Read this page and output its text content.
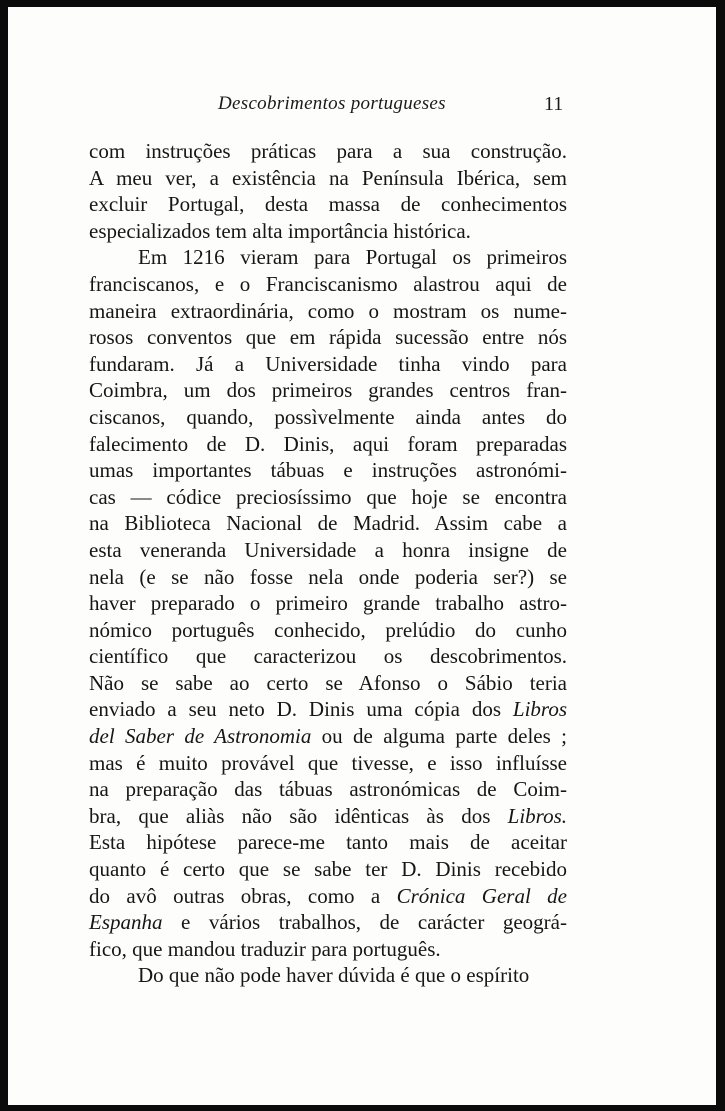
Descobrimentos portugueses	11
com instruções práticas para a sua construção.
A meu ver, a existência na Península Ibérica, sem
excluir Portugal, desta massa de conhecimentos
especializados tem alta importância histórica.
Em 1216 vieram para Portugal os primeiros
franciscanos, e o Franciscanismo alastrou aqui de
maneira extraordinária, como o mostram os nume-
rosos conventos que em rápida sucessão entre nós
fundaram. Já a Universidade tinha vindo para
Coimbra, um dos primeiros grandes centros fran-
ciscanos, quando, possìvelmente ainda antes do
falecimento de D. Dinis, aqui foram preparadas
umas importantes tábuas e instruções astronómi-
cas — códice preciosíssimo que hoje se encontra
na Biblioteca Nacional de Madrid. Assim cabe a
esta veneranda Universidade a honra insigne de
nela (e se não fosse nela onde poderia ser?) se
haver preparado o primeiro grande trabalho astro-
nómico português conhecido, prelúdio do cunho
científico que caracterizou os descobrimentos.
Não se sabe ao certo se Afonso o Sábio teria
enviado a seu neto D. Dinis uma cópia dos Libros
del Saber de Astronomia ou de alguma parte deles ;
mas é muito provável que tivesse, e isso influísse
na preparação das tábuas astronómicas de Coim-
bra, que aliàs não são idênticas às dos Libros.
Esta hipótese parece-me tanto mais de aceitar
quanto é certo que se sabe ter D. Dinis recebido
do avô outras obras, como a Crónica Geral de
Espanha e vários trabalhos, de carácter geográ-
fico, que mandou traduzir para português.
Do que não pode haver dúvida é que o espírito
